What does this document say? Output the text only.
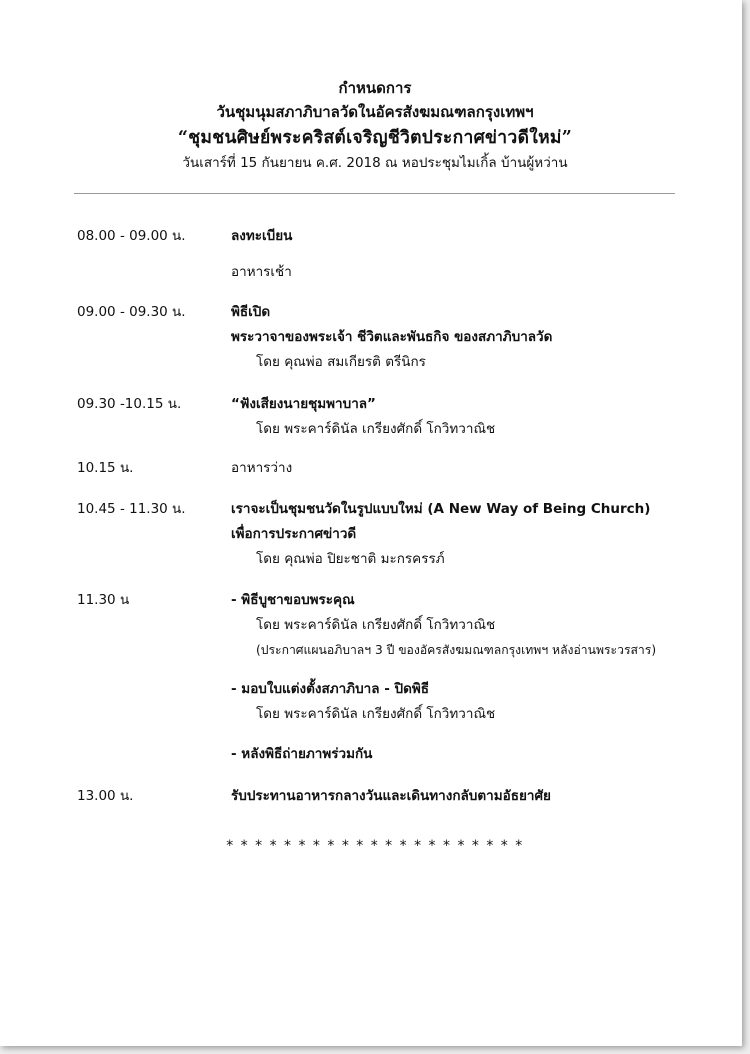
กำหนดการ
วันชุมนุมสภาภิบาลวัดในอัครสังฆมณฑลกรุงเทพฯ
“ชุมชนศิษย์พระคริสต์เจริญชีวิตประกาศข่าวดีใหม่”
วันเสาร์ที่ 15 กันยายน ค.ศ. 2018 ณ หอประชุมไมเกิ้ล บ้านผู้หว่าน
08.00 - 09.00 น.	ลงทะเบียน
อาหารเช้า
09.00 - 09.30 น.	พิธีเปิด
พระวาจาของพระเจ้า ชีวิตและพันธกิจ ของสภาภิบาลวัด
โดย คุณพ่อ สมเกียรติ ตรีนิกร
09.30 -10.15 น.	“ฟังเสียงนายชุมพาบาล”
โดย พระคาร์ดินัล เกรียงศักดิ์ โกวิทวาณิช
10.15 น.	อาหารว่าง
10.45 - 11.30 น.	เราจะเป็นชุมชนวัดในรูปแบบใหม่ (A New Way of Being Church)
เพื่อการประกาศข่าวดี
โดย คุณพ่อ ปิยะชาติ มะกรครรภ์
11.30 น	- พิธีบูชาขอบพระคุณ
โดย พระคาร์ดินัล เกรียงศักดิ์ โกวิทวาณิช
(ประกาศแผนอภิบาลฯ 3 ปี ของอัครสังฆมณฑลกรุงเทพฯ หลังอ่านพระวรสาร)
- มอบใบแต่งตั้งสภาภิบาล - ปิดพิธี
โดย พระคาร์ดินัล เกรียงศักดิ์ โกวิทวาณิช
- หลังพิธีถ่ายภาพร่วมกัน
13.00 น.	รับประทานอาหารกลางวันและเดินทางกลับตามอัธยาศัย
* * * * * * * * * * * * * * * * * * * * *
